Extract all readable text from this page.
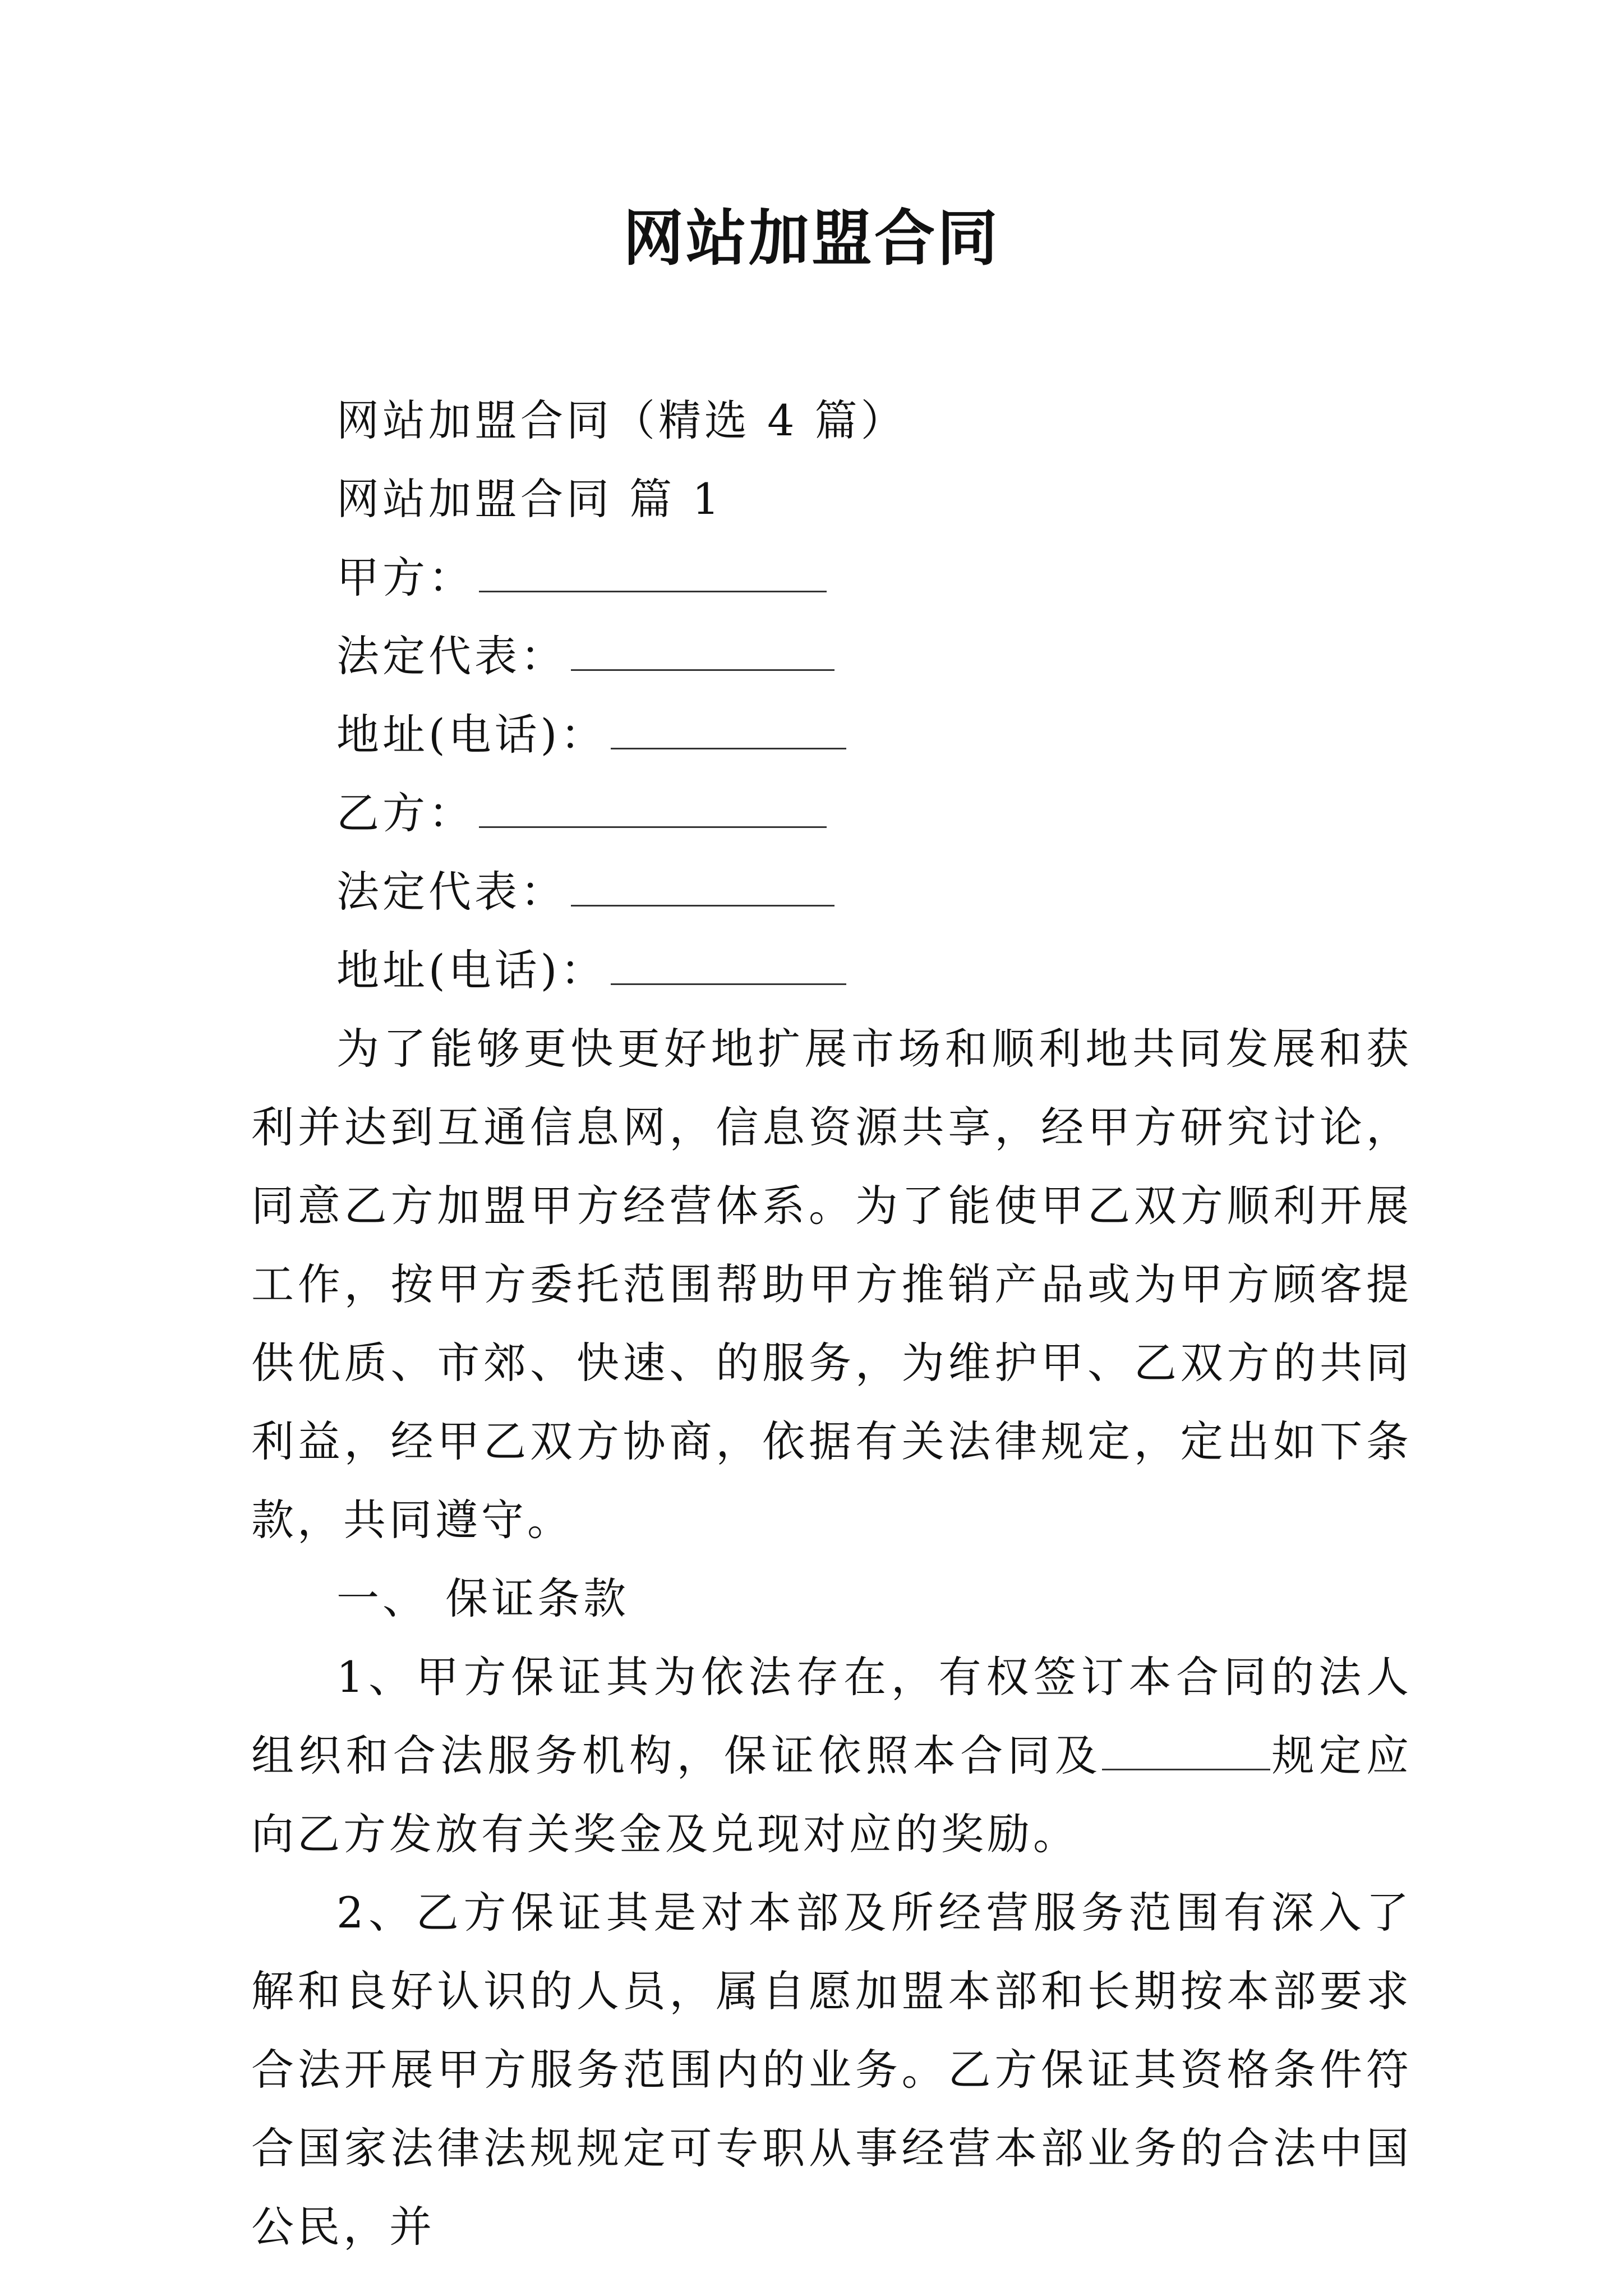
网站加盟合同
网站加盟合同（精选 4 篇）
网站加盟合同 篇 1
甲方：
法定代表：
地址(电话)：
乙方：
法定代表：
地址(电话)：
为了能够更快更好地扩展市场和顺利地共同发展和获利并达到互通信息网，信息资源共享，经甲方研究讨论，同意乙方加盟甲方经营体系。为了能使甲乙双方顺利开展工作，按甲方委托范围帮助甲方推销产品或为甲方顾客提供优质、市郊、快速、的服务，为维护甲、乙双方的共同利益，经甲乙双方协商，依据有关法律规定，定出如下条款，共同遵守。
一、 保证条款
1、甲方保证其为依法存在，有权签订本合同的法人组织和合法服务机构，保证依照本合同及	规定应向乙方发放有关奖金及兑现对应的奖励。
2、乙方保证其是对本部及所经营服务范围有深入了解和良好认识的人员，属自愿加盟本部和长期按本部要求合法开展甲方服务范围内的业务。乙方保证其资格条件符合国家法律法规规定可专职从事经营本部业务的合法中国公民，并
